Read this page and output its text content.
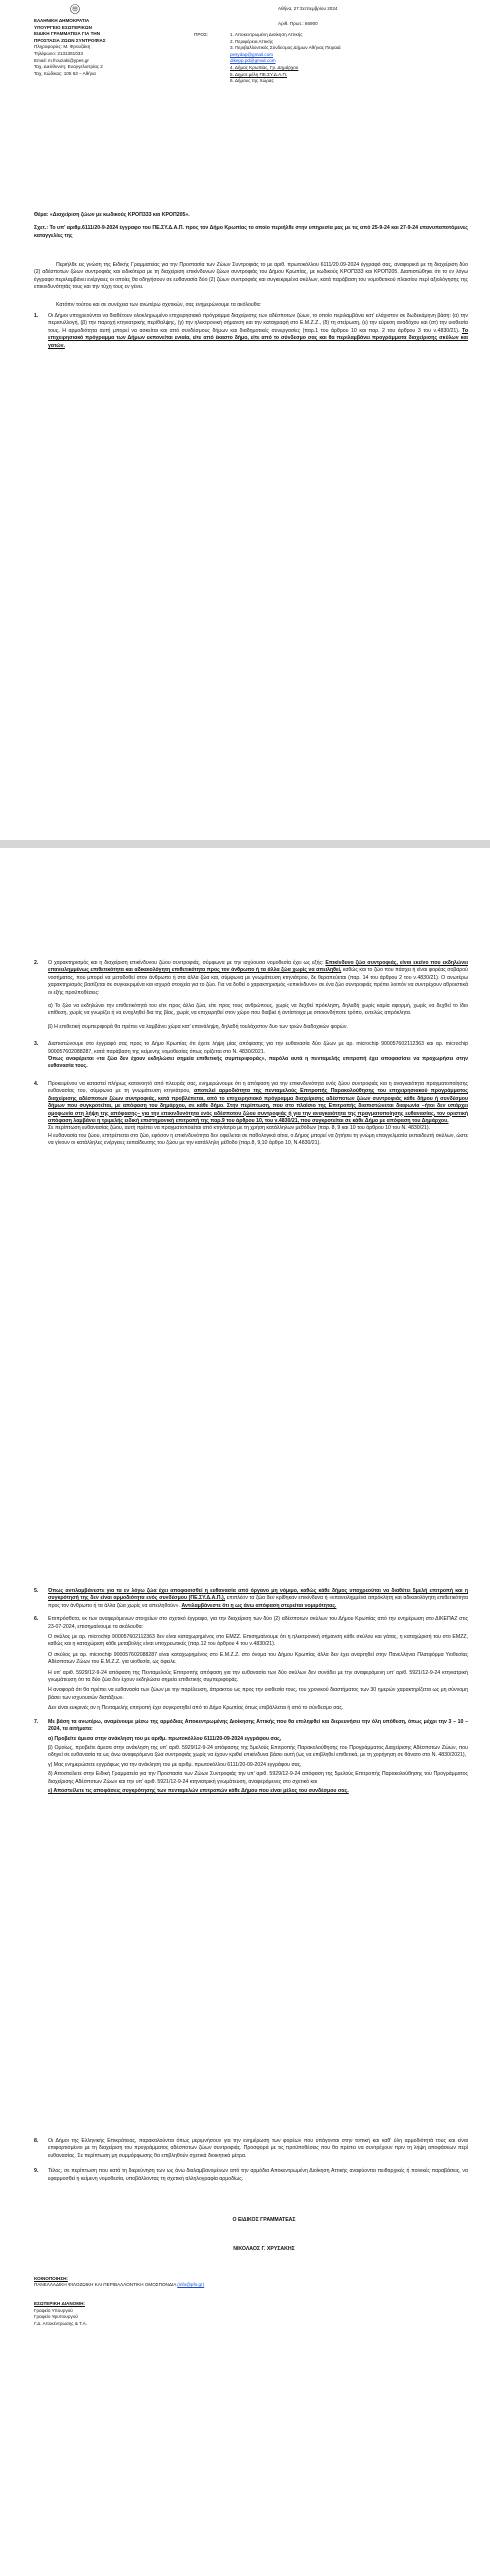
ΕΛΛΗΝΙΚΗ ΔΗΜΟΚΡΑΤΙΑ

ΥΠΟΥΡΓΕΙΟ ΕΣΩΤΕΡΙΚΩΝ

ΕΙΔΙΚΗ ΓΡΑΜΜΑΤΕΙΑ ΓΙΑ ΤΗΝ

ΠΡΟΣΤΑΣΙΑ ΖΩΩΝ ΣΥΝΤΡΟΦΙΑΣ

Πληροφορίες: Μ. Φρουζάκη

Τηλέφωνο: 2131361033

Email: m.frouzaki@ypes.gr

Ταχ. Διεύθυνση: Ευαγγελιστρίας 2

Ταχ. Κώδικας: 105 63 – Αθήνα

Αθήνα, 27 Σεπτεμβρίου 2024

Αριθ. Πρωτ.: 66900

ΠΡΟΣ:	1. Αποκεντρωμένη Διοίκηση Αττικής

2. Περιφέρεια Αττικής

3. Περιβαλλοντικός Σύνδεσμος Δήμων Αθήνας Πειραιά

pesydap@gmail.com

dikepp.pd@gmail.com

4. Δήμος Κρωπίας, Γρ. Δημάρχου

5. Δημοτ.μέλη ΠΕ.ΣΥ.Δ.Α.Π.

6. Δήμους της Χώρας

Θέμα: «Διαχείριση ζώων με κωδικούς ΚΡΟΠ333 και ΚΡΟΠ205».

Σχετ.: Το υπ’ αριθμ.6111/20-9-2024 έγγραφο του ΠΕ.ΣΥ.Δ.Α.Π. προς τον Δήμο Κρωπίας το οποίο περιήλθε στην υπηρεσία μας με τις από 25-9-24 και 27-9-24 επανυπαποτόμενες καταγγελίες της

Περιήλθε εις γνώση της Ειδικής Γραμματείας για την Προστασία των Ζώων Συντροφιάς το με αριθ. πρωτοκόλλου 6111/20.09-2024 έγγραφό σας, αναφορικά με τη διαχείριση δύο (2) αδέσποτων ζώων συντροφιάς και ειδικότερα με τη διαχείριση επικίνδυνων ζώων συντροφιάς του Δήμου Κρωπίας, με κωδικούς ΚΡΟΠ333 και ΚΡΟΠ205. Διαπιστώθηκε ότι το εν λόγω έγγραφο περιλαμβάνει ενέργειες οι οποίες θα οδηγήσουν σε ευθανασία δύο (2) ζώων συντροφιάς και συγκεκριμένα σκύλων, κατά παράβαση του νομοθετικού πλαισίου περί αξιολόγησης της επικινδυνότητάς τους και την τύχη τους εν γένει.

Κατόπιν τούτου και σε συνέχεια των ανωτέρω σχετικών, σας ενημερώνουμε τα ακόλουθα:

1.	Οι Δήμοι υποχρεούνται να διαθέτουν ολοκληρωμένο επιχειρησιακό πρόγραμμα διαχείρισης των αδέσποτων ζώων, το οποίο περιλαμβάνει κατ’ ελάχιστον σε δωδεκάμηνη βάση: (α) την περισυλλογή, (β) την παροχή κτηνιατρικής περίθαλψης, (γ) την ηλεκτρονική σήμανση και την καταγραφή στο Ε.Μ.Ζ.Ζ., (δ) τη στείρωση, (ε) την εύρεση αναδόχου και (στ) την υιοθεσία τους. Η αρμοδιότητα αυτή μπορεί να ασκείται και από συνδέσμους δήμων και διαδημοτικές συνεργασίες (παρ.1 του άρθρου 10 και παρ. 2 του άρθρου 3 του ν.4830/21). Το επιχειρησιακό πρόγραμμα των Δήμων εκπονείται ενιαία, είτε από έκαστο δήμο, είτε από το σύνδεσμο σας και θα περιλαμβάνει προγράμματα διαχείρισης σκύλων και γατών.
2.	Ο χαρακτηρισμός και η διαχείριση επικίνδυνου ζώου συντροφιάς, σύμφωνα με την ισχύουσα νομοθεσία έχει ως εξής: Επικίνδυνο ζώο συντροφιάς, είναι εκείνο που εκδηλώνει επανειλημμένως επιθετικότητα και αδικαιολόγητη επιθετικότητα προς τον άνθρωπο ή τα άλλα ζώα χωρίς να απειληθεί, καθώς και το ζώο που πάσχει ή είναι φορέας σοβαρού νοσήματος, που μπορεί να μεταδοθεί στον άνθρωπο ή στα άλλα ζώα και, σύμφωνα με γνωμάτευση κτηνιάτρου, δε θεραπεύεται (παρ. 14 του άρθρου 2 του ν.4830/21). Ο ανωτέρω χαρακτηρισμός βασίζεται σε συγκεκριμένα και ισχυρά στοιχεία για το ζώο. Για να δοθεί ο χαρακτηρισμός «επικίνδυνο» σε ένα ζώο συντροφιάς πρέπει λοιπόν να συντρέχουν αθροιστικά οι εξής προϋποθέσεις:

α) Το ζώο να εκδηλώνει την επιθετικότητά του είτε προς άλλα ζώα, είτε προς τους ανθρώπους, χωρίς να δεχθεί πρόκληση, δηλαδή χωρίς καμία αφορμή, χωρίς να δεχθεί το ίδιο επίθεση, χωρίς να γνωρίζει ή να ενοχληθεί δια της βίας, χωρίς να επιχειρηθεί στον χώρο που διαβιεί ή αντίστοιχα με οποιονδήποτε τρόπο, εντελώς απρόκλητα.

β) Η επιθετική συμπεριφορά θα πρέπει να λαμβάνει χώρα κατ’ επανάληψη, δηλαδή τουλάχιστον δυο των τριών διαδοχικών φορών.

3.	Διαπιστώνουμε στο έγγραφό σας προς το Δήμο Κρωπίας ότι έχετε λήψη μίας απόφασης για την ευθανασία δύο ζώων με αρ. microchip 900057602112363 και αρ. microchip 900057602088287, κατά παράβαση της κείμενης νομοθεσίας όπως ορίζεται στο Ν. 4830/2021.

Όπως αναφέρεται «τα ζώα δεν έχουν εκδηλώσει σημεία επιθετικής συμπεριφοράς», παρόλα αυτά η πενταμελής επιτροπή έχει αποφασίσει να προχωρήσει στην ευθανασία τους.

4.	Προκειμένου να καταστεί πλήρως κατανοητό από πλευράς σας, ενημερώνουμε ότι η απόφαση για την επικινδυνότητα ενός ζώου συντροφιάς και η αναγκαιότητα πραγματοποίησης ευθανασίας του, σύμφωνα με τη γνωμάτευση κτηνιάτρου, αποτελεί αρμοδιότητα της πενταμελούς Επιτροπής Παρακολούθησης του επιχειρησιακού προγράμματος διαχείρισης αδέσποτων ζώων συντροφιάς, κατά προβλέπεται, από το επιχειρησιακό πρόγραμμα διαχείρισης αδέσποτων ζώων συντροφιάς κάθε δήμου ή συνδέσμου δήμων που συγκροτείται, με απόφαση του δημάρχου, σε κάθε δήμο. Στην περίπτωση, που στο πλαίσιο της Επιτροπής διαπιστώνεται διαφωνία –ήτοι δεν υπάρχει ομοφωνία στη λήψη της απόφασης– για την επικινδυνότητα ενός αδέσποτου ζώου συντροφιάς ή για την αναγκαιότητα της πραγματοποίησης ευθανασίας, τον οριστική απόφαση λαμβάνει η τριμελής ειδική επιστημονική επιτροπή της παρ.9 του άρθρου 10, του ν.4830/21, που συγκροτείται σε κάθε Δήμο με απόφαση του Δημάρχου.

Σε περίπτωση ευθανασίας ζώου, αυτή πρέπει να πραγματοποιείται από κτηνίατρο με τη χρήση κατάλληλων μεθόδων (παρ. 8, 9 και 10 του άρθρου 10 του Ν. 4830/21).

Η ευθανασία του ζώου, επιτρέπεται στο ζώο, εφόσον η επικίνδυνότητα δεν οφείλεται σε παθολογικά αίτια, ο Δήμος μπορεί να ζητήσει τη γνώμη επαγγελματία εκπαιδευτή σκύλων, ώστε να γίνουν οι κατάλληλες ενέργειες εκπαίδευσης του ζώου με την κατάλληλη μέθοδο (παρ.8, 9,10 άρθρο 10, Ν.4830/21).

5.	Όπως αντιλαμβάνεστε για τα εν λόγω ζώα έχει αποφασισθεί η ευθανασία από όργανο μη νόμιμο, καθώς κάθε δήμος υποχρεούται να διαθέτει 5μελή επιτροπή και η συγκρότησή της δεν είναι αρμοδιότητα ενός συνδέσμου (ΠΕ.ΣΥ.Δ.Α.Π.), επιπλέον τα ζώα δεν κρίθηκαν επικίνδυνα ή «επανειλημμένα απρόκλητη και αδικαιολόγητη επιθετικότητα προς τον άνθρωπο ή τα άλλα ζώα χωρίς να απειληθούν». Αντιλαμβάνεστε ότι η ως άνω απόφαση στερείται νομιμότητας.

6.	Επιπρόσθετα, εκ των αναφερόμενων στοιχείων στο σχετικό έγγραφο, για την διαχείριση των δύο (2) αδέσποτων σκύλων του Δήμου Κρωπίας από την ενημέρωση στο ΔΙΚΕΠΑΖ στις 23-07-2024, επισημαίνουμε τα ακόλουθα:

Ο σκύλος με αρ. microchip 900057602112363 δεν είναι καταχωρημένος στο ΕΜΖΖ. Επισημαίνουμε ότι η ηλεκτρονική σήμανση κάθε σκύλου και γάτας, η καταχώρισή του στο ΕΜΖΖ, καθώς και η καταχώριση κάθε μεταβολής είναι υποχρεωτικές (παρ.12 του άρθρου 4 του ν.4830/21).

Ο σκύλος με αρ. microchip 900057602088287 είναι καταχωρημένος στο Ε.Μ.Ζ.Ζ. στο όνομα του Δήμου Κρωπίας άλλα δεν έχει αναρτηθεί στην Πανελλήνια Πλατφόρμα Υιοθεσίας Αδέσποτων Ζώων του Ε.Μ.Ζ.Ζ. για υιοθεσία, ως όφειλε.

Η υπ’ αριθ. 5929/12-9-24 απόφαση της Πενταμελούς Επιτροπής απόφαση για την ευθανασία των δύο σκύλων δεν συνάδει με την αναφερόμενη υπ’ αριθ. 5921/12-9-24 κτηνιατρική γνωμάτευση ότι τα δύο ζώα δεν έχουν εκδηλώσει σημεία επιθετικής συμπεριφοράς.

Η αναφορά ότι θα πρέπει να ευθανασία των ζώων με την παρέλευση, άπρακτου ως προς την υιοθεσία τους, του χρονικού διαστήματος των 30 ημερών χαρακτηρίζεται ως μη σύννομη βάσει των ισχυουσών διατάξεων.

Δεν είναι ευκρινές αν η Πενταμελής επιτροπή έχει συγκροτηθεί από το Δήμο Κρωπίας όπως επιβάλλεται ή από το σύνδεσμο σας.

7.	Με βάση τα ανωτέρω, αναμένουμε μέσω της αρμόδιας Αποκεντρωμένης Διοίκησης Αττικής που θα επιληφθεί και διερευνήσει την όλη υπόθεση, όπως μέχρι την 3 – 10 – 2024, τα αιτήματα:

α) Προβείτε άμεσα στην ανάκληση του με αριθμ. πρωτοκόλλου 6111/20-09-2024 εγγράφου σας,

β) Ομοίως, προβείτε άμεσα στην ανάκληση της υπ’ αριθ. 5929/12-9-24 απόφασης της 5μελούς Επιτροπής Παρακολούθησης του Προγράμματος Διαχείρισης Αδέσποτων Ζώων, που οδηγεί σε ευθανασία τα ως άνω αναφερόμενα ζώα συντροφιάς χωρίς να έχουν κριθεί επικίνδυνα βάσει αυτή (ως να επιβληθεί επιθετικά, με τη χορήγηση σε θάνατο στο Ν. 4830/2021),

γ) Μας ενημερώσετε εγγράφως για την ανάκληση του με αριθμ. πρωτοκόλλου 6111/20-09-2024 εγγράφου σας,

δ) Αποστείλετε στην Ειδική Γραμματεία για την Προστασία των Ζώων Συντροφιάς την υπ’ αριθ. 5929/12-9-24 απόφαση της 5μελούς Επιτροπής Παρακολούθησης του Προγράμματος διαχείρισης Αδέσποτων Ζώων και την υπ’ αριθ. 5921/12-9-24 κτηνιατρική γνωμάτευση, αναφερόμενες στο σχετικό και

ε) Αποστείλετε τις αποφάσεις συγκρότησης των πενταμελών επιτροπών κάθε Δήμου που είναι μέλος του συνδέσμου σας.

8.	Οι Δήμοι της Ελληνικής Επικράτειας, παρακαλούνται όπως μεριμνήσουν για την ενημέρωση των φορέων που υπάγονται στην τοπική και καθ’ ύλη αρμοδιότητά τους και είναι επιφορτισμένοι με τη διαχείριση του προγράμματος αδέσποτων ζώων συντροφιάς. Προσφορά με τις προϋποθέσεις που θα πρέπει να συντρέχουν πριν τη λήψη αποφάσεων περί ευθανασίας. Σε περίπτωση μη συμμόρφωσης θα επιβληθούν σχετικά διοικητικά μέτρα.

9.	Τέλος, σε περίπτωση που κατά τη διερεύνηση των ως άνω διαλαμβανομένων από την αρμόδια Αποκεντρωμένη Διοίκηση Αττικής αναφύονται πειθαρχικές ή ποινικές παραβάσεις, να εφαρμοσθεί η κείμενη νομοθεσία, υποβάλλοντας τη σχετική αλληλογραφία αρμοδίως.

Ο ΕΙΔΙΚΟΣ ΓΡΑΜΜΑΤΕΑΣ

ΝΙΚΟΛΑΟΣ Γ. ΧΡΥΣΑΚΗΣ

ΚΟΙΝΟΠΟΙΗΣΗ:

ΠΑΝΕΛΛΑΔΙΚΗ ΦΙΛΟΖΩΙΚΗ ΚΑΙ ΠΕΡΙΒΑΛΛΟΝΤΙΚΗ ΟΜΟΣΠΟΝΔΙΑ (info@pfo.gr)

ΕΣΩΤΕΡΙΚΗ ΔΙΑΝΟΜΗ:

Γραφείο Υπουργού

Γραφείο Υφυπουργού

Γ.Δ. Αποκέντρωσης & Τ.Α.
